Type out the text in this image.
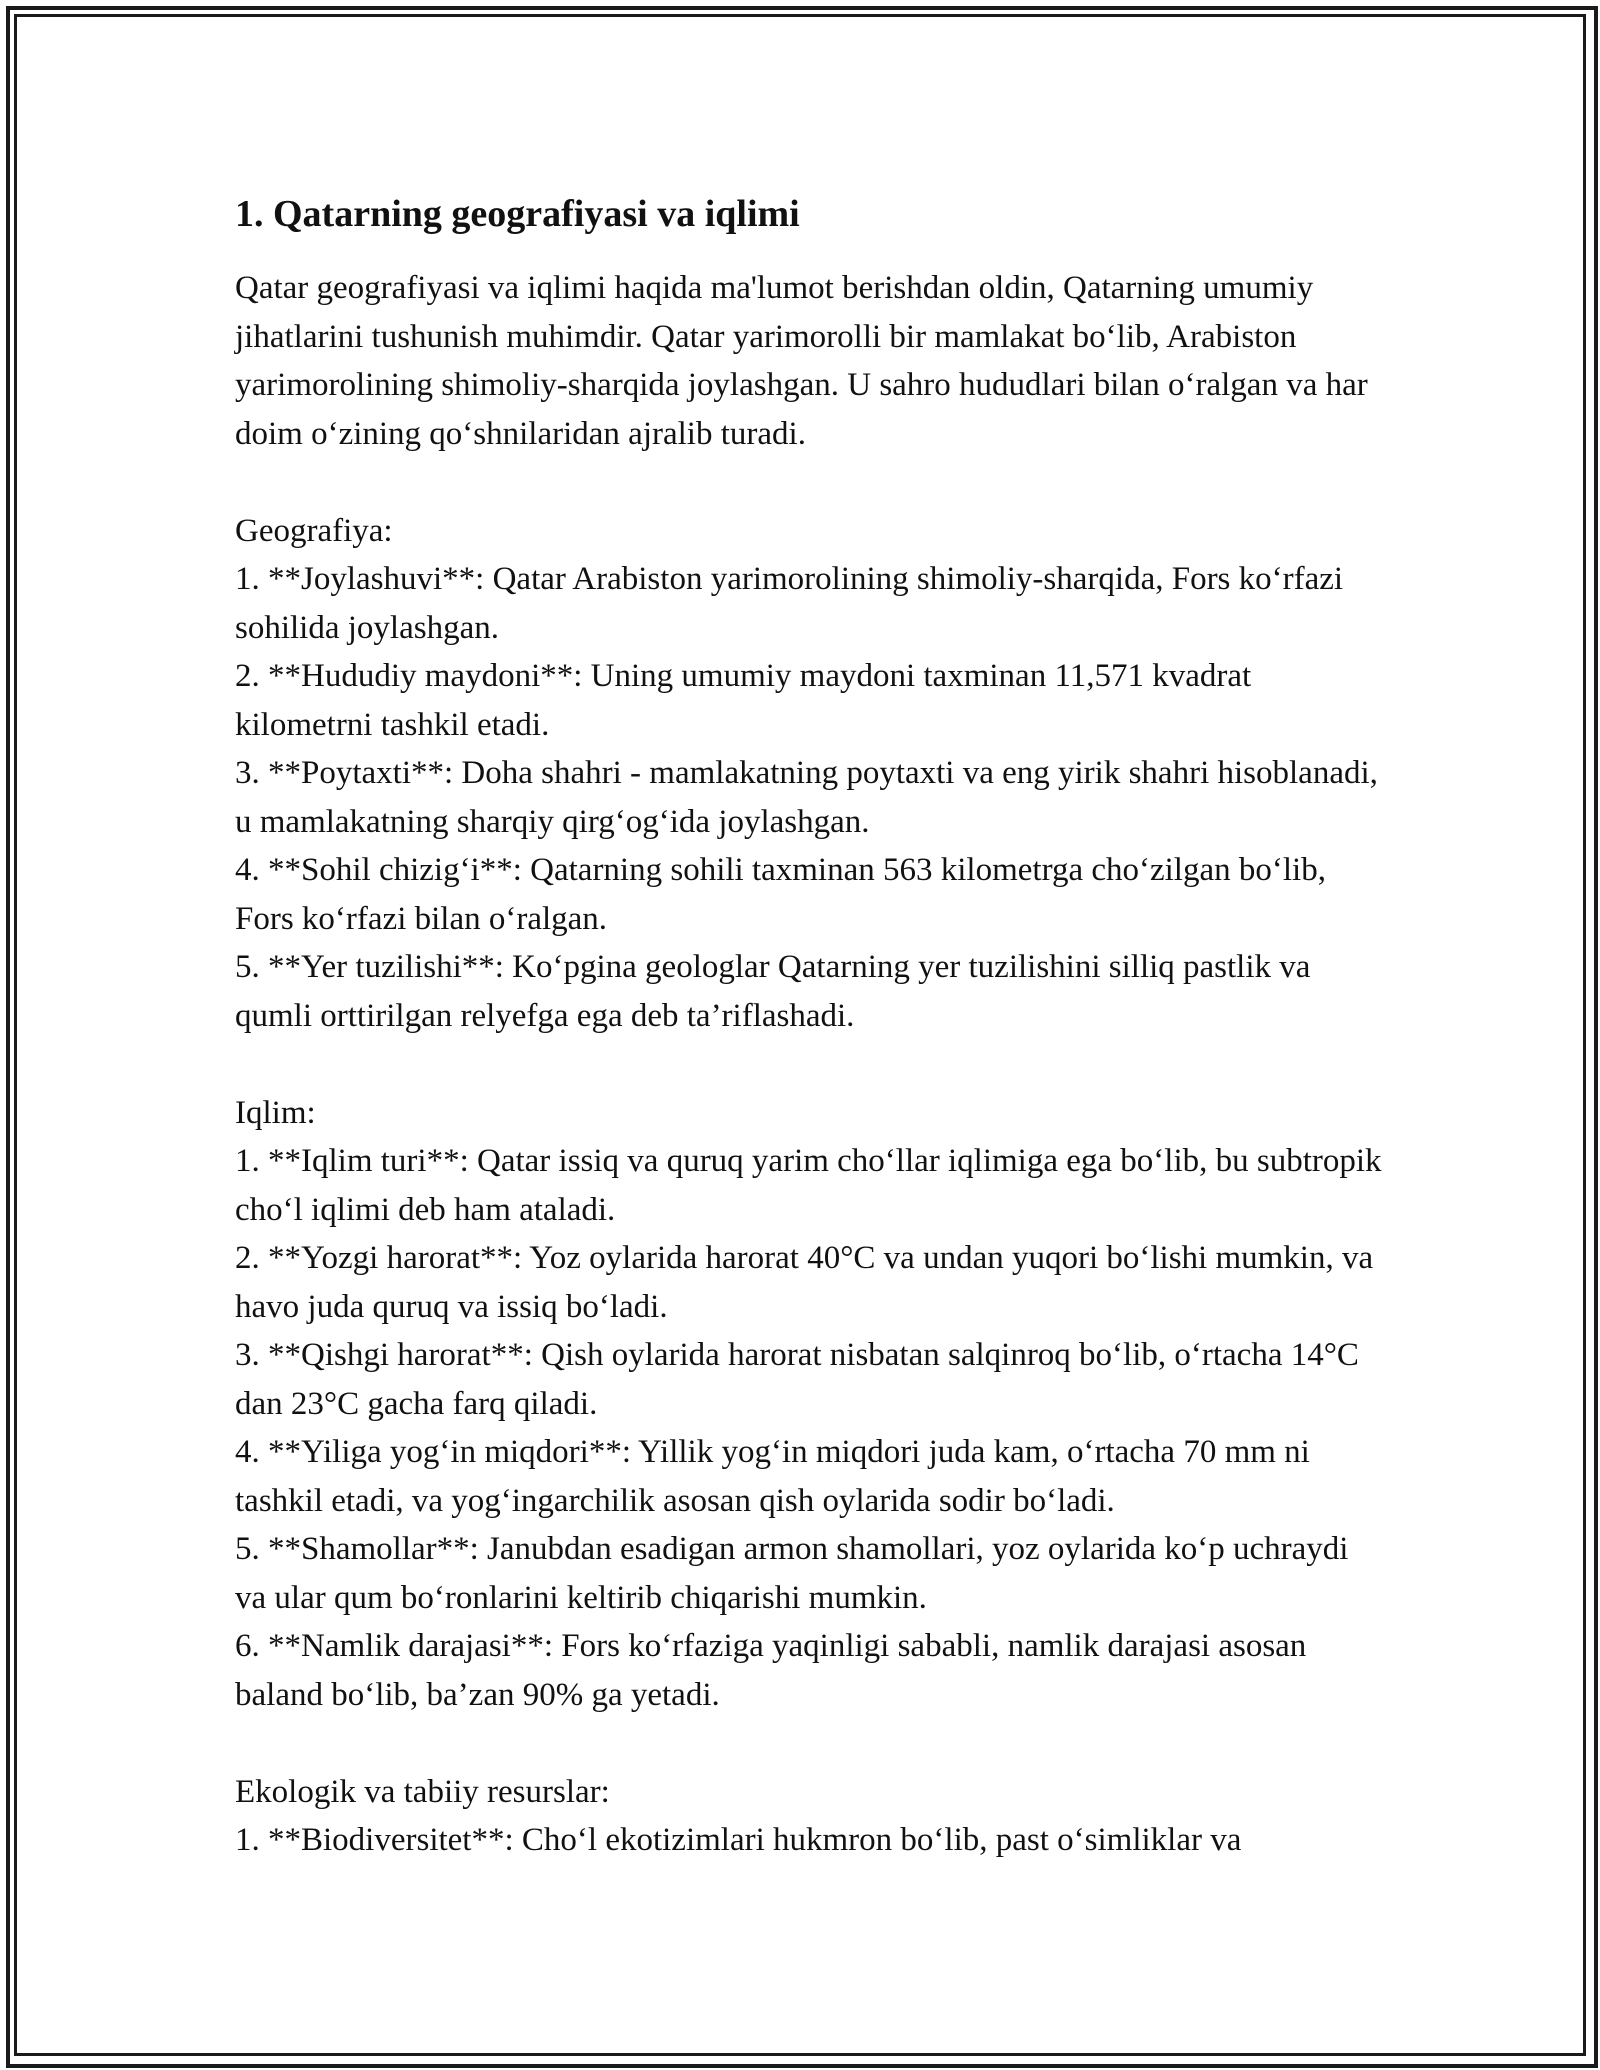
1. Qatarning geografiyasi va iqlimi

Qatar geografiyasi va iqlimi haqida ma'lumot berishdan oldin, Qatarning umumiy jihatlarini tushunish muhimdir. Qatar yarimorolli bir mamlakat bo‘lib, Arabiston yarimorolining shimoliy-sharqida joylashgan. U sahro hududlari bilan o‘ralgan va har doim o‘zining qo‘shnilaridan ajralib turadi.

Geografiya:
1. **Joylashuvi**: Qatar Arabiston yarimorolining shimoliy-sharqida, Fors ko‘rfazi sohilida joylashgan.
2. **Hududiy maydoni**: Uning umumiy maydoni taxminan 11,571 kvadrat kilometrni tashkil etadi.
3. **Poytaxti**: Doha shahri - mamlakatning poytaxti va eng yirik shahri hisoblanadi, u mamlakatning sharqiy qirg‘og‘ida joylashgan.
4. **Sohil chizig‘i**: Qatarning sohili taxminan 563 kilometrga cho‘zilgan bo‘lib, Fors ko‘rfazi bilan o‘ralgan.
5. **Yer tuzilishi**: Ko‘pgina geologlar Qatarning yer tuzilishini silliq pastlik va qumli orttirilgan relyefga ega deb ta’riflashadi.
Iqlim:
1. **Iqlim turi**: Qatar issiq va quruq yarim cho‘llar iqlimiga ega bo‘lib, bu subtropik cho‘l iqlimi deb ham ataladi.
2. **Yozgi harorat**: Yoz oylarida harorat 40°C va undan yuqori bo‘lishi mumkin, va havo juda quruq va issiq bo‘ladi.
3. **Qishgi harorat**: Qish oylarida harorat nisbatan salqinroq bo‘lib, o‘rtacha 14°C dan 23°C gacha farq qiladi.
4. **Yiliga yog‘in miqdori**: Yillik yog‘in miqdori juda kam, o‘rtacha 70 mm ni tashkil etadi, va yog‘ingarchilik asosan qish oylarida sodir bo‘ladi.
5. **Shamollar**: Janubdan esadigan armon shamollari, yoz oylarida ko‘p uchraydi va ular qum bo‘ronlarini keltirib chiqarishi mumkin.
6. **Namlik darajasi**: Fors ko‘rfaziga yaqinligi sababli, namlik darajasi asosan baland bo‘lib, ba’zan 90% ga yetadi.
Ekologik va tabiiy resurslar:
1. **Biodiversitet**: Cho‘l ekotizimlari hukmron bo‘lib, past o‘simliklar va
